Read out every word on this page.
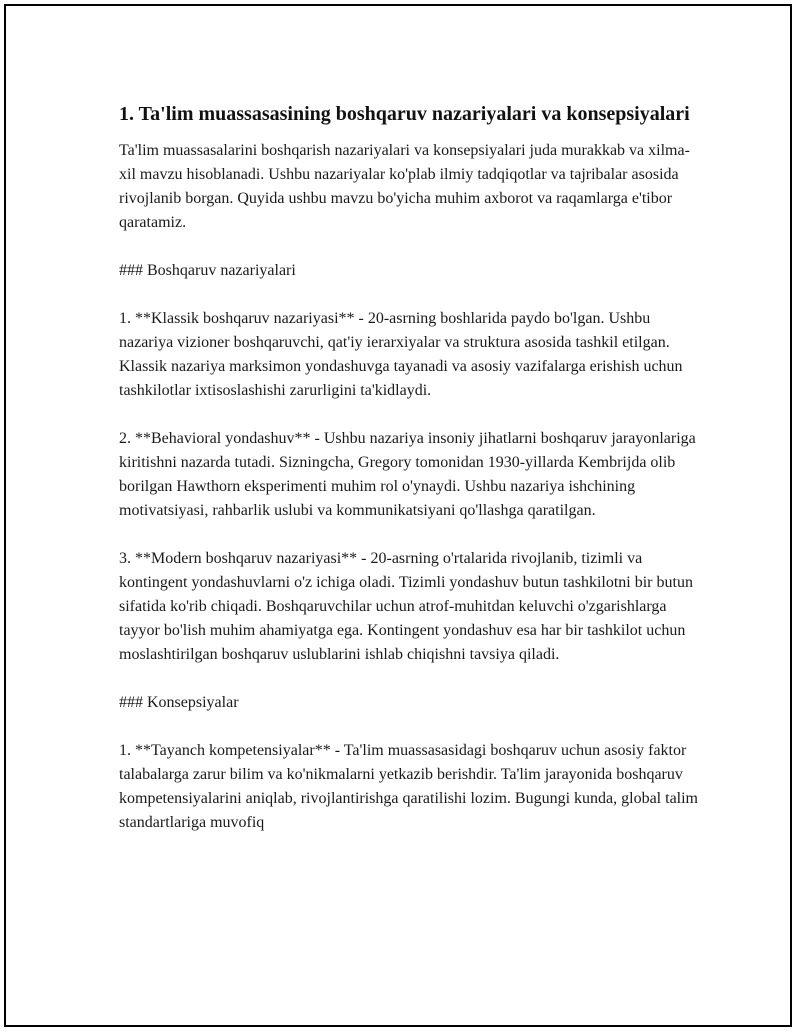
1. Ta'lim muassasasining boshqaruv nazariyalari va konsepsiyalari

Ta'lim muassasalarini boshqarish nazariyalari va konsepsiyalari juda murakkab va xilma-xil mavzu hisoblanadi. Ushbu nazariyalar ko'plab ilmiy tadqiqotlar va tajribalar asosida rivojlanib borgan. Quyida ushbu mavzu bo'yicha muhim axborot va raqamlarga e'tibor qaratamiz.

### Boshqaruv nazariyalari

1. **Klassik boshqaruv nazariyasi** - 20-asrning boshlarida paydo bo'lgan. Ushbu nazariya vizioner boshqaruvchi, qat'iy ierarxiyalar va struktura asosida tashkil etilgan. Klassik nazariya marksimon yondashuvga tayanadi va asosiy vazifalarga erishish uchun tashkilotlar ixtisoslashishi zarurligini ta'kidlaydi.

2. **Behavioral yondashuv** - Ushbu nazariya insoniy jihatlarni boshqaruv jarayonlariga kiritishni nazarda tutadi. Sizningcha, Gregory tomonidan 1930-yillarda Kembrijda olib borilgan Hawthorn eksperimenti muhim rol o'ynaydi. Ushbu nazariya ishchining motivatsiyasi, rahbarlik uslubi va kommunikatsiyani qo'llashga qaratilgan.

3. **Modern boshqaruv nazariyasi** - 20-asrning o'rtalarida rivojlanib, tizimli va kontingent yondashuvlarni o'z ichiga oladi. Tizimli yondashuv butun tashkilotni bir butun sifatida ko'rib chiqadi. Boshqaruvchilar uchun atrof-muhitdan keluvchi o'zgarishlarga tayyor bo'lish muhim ahamiyatga ega. Kontingent yondashuv esa har bir tashkilot uchun moslashtirilgan boshqaruv uslublarini ishlab chiqishni tavsiya qiladi.

### Konsepsiyalar

1. **Tayanch kompetensiyalar** - Ta'lim muassasasidagi boshqaruv uchun asosiy faktor talabalarga zarur bilim va ko'nikmalarni yetkazib berishdir. Ta'lim jarayonida boshqaruv kompetensiyalarini aniqlab, rivojlantirishga qaratilishi lozim. Bugungi kunda, global talim standartlariga muvofiq
